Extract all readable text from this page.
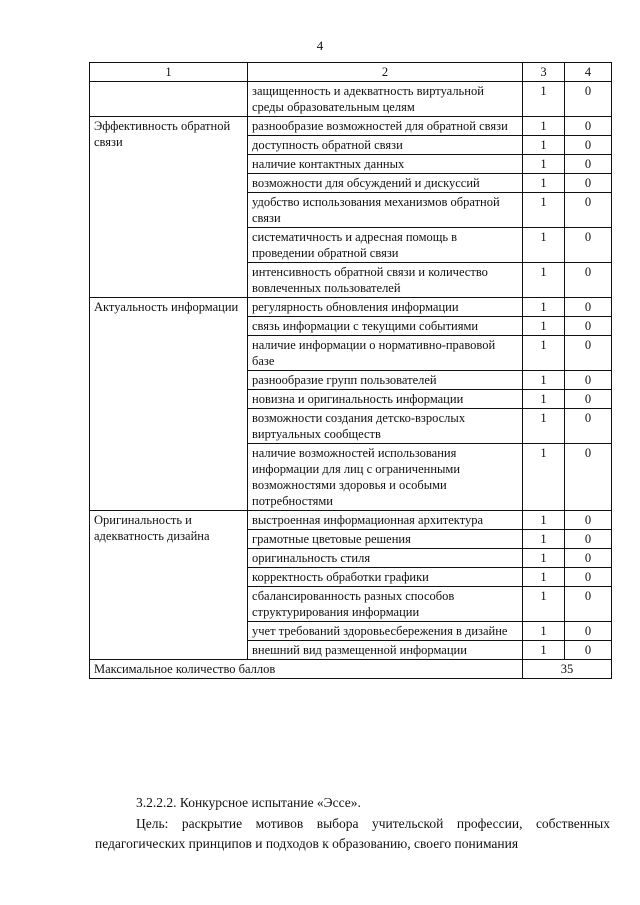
4
1	2	3	4
	защищенность и адекватность виртуальной среды образовательным целям	1	0
Эффективность обратной связи	разнообразие возможностей для обратной связи	1	0
	доступность обратной связи	1	0
	наличие контактных данных	1	0
	возможности для обсуждений и дискуссий	1	0
	удобство использования механизмов обратной связи	1	0
	систематичность и адресная помощь в проведении обратной связи	1	0
	интенсивность обратной связи и количество вовлеченных пользователей	1	0
Актуальность информации	регулярность обновления информации	1	0
	связь информации с текущими событиями	1	0
	наличие информации о нормативно-правовой базе	1	0
	разнообразие групп пользователей	1	0
	новизна и оригинальность информации	1	0
	возможности создания детско-взрослых виртуальных сообществ	1	0
	наличие возможностей использования информации для лиц с ограниченными возможностями здоровья и особыми потребностями	1	0
Оригинальность и адекватность дизайна	выстроенная информационная архитектура	1	0
	грамотные цветовые решения	1	0
	оригинальность стиля	1	0
	корректность обработки графики	1	0
	сбалансированность разных способов структурирования информации	1	0
	учет требований здоровьесбережения в дизайне	1	0
	внешний вид размещенной информации	1	0
Максимальное количество баллов		35	
3.2.2.2. Конкурсное испытание «Эссе».
Цель: раскрытие мотивов выбора учительской профессии, собственных педагогических принципов и подходов к образованию, своего понимания
